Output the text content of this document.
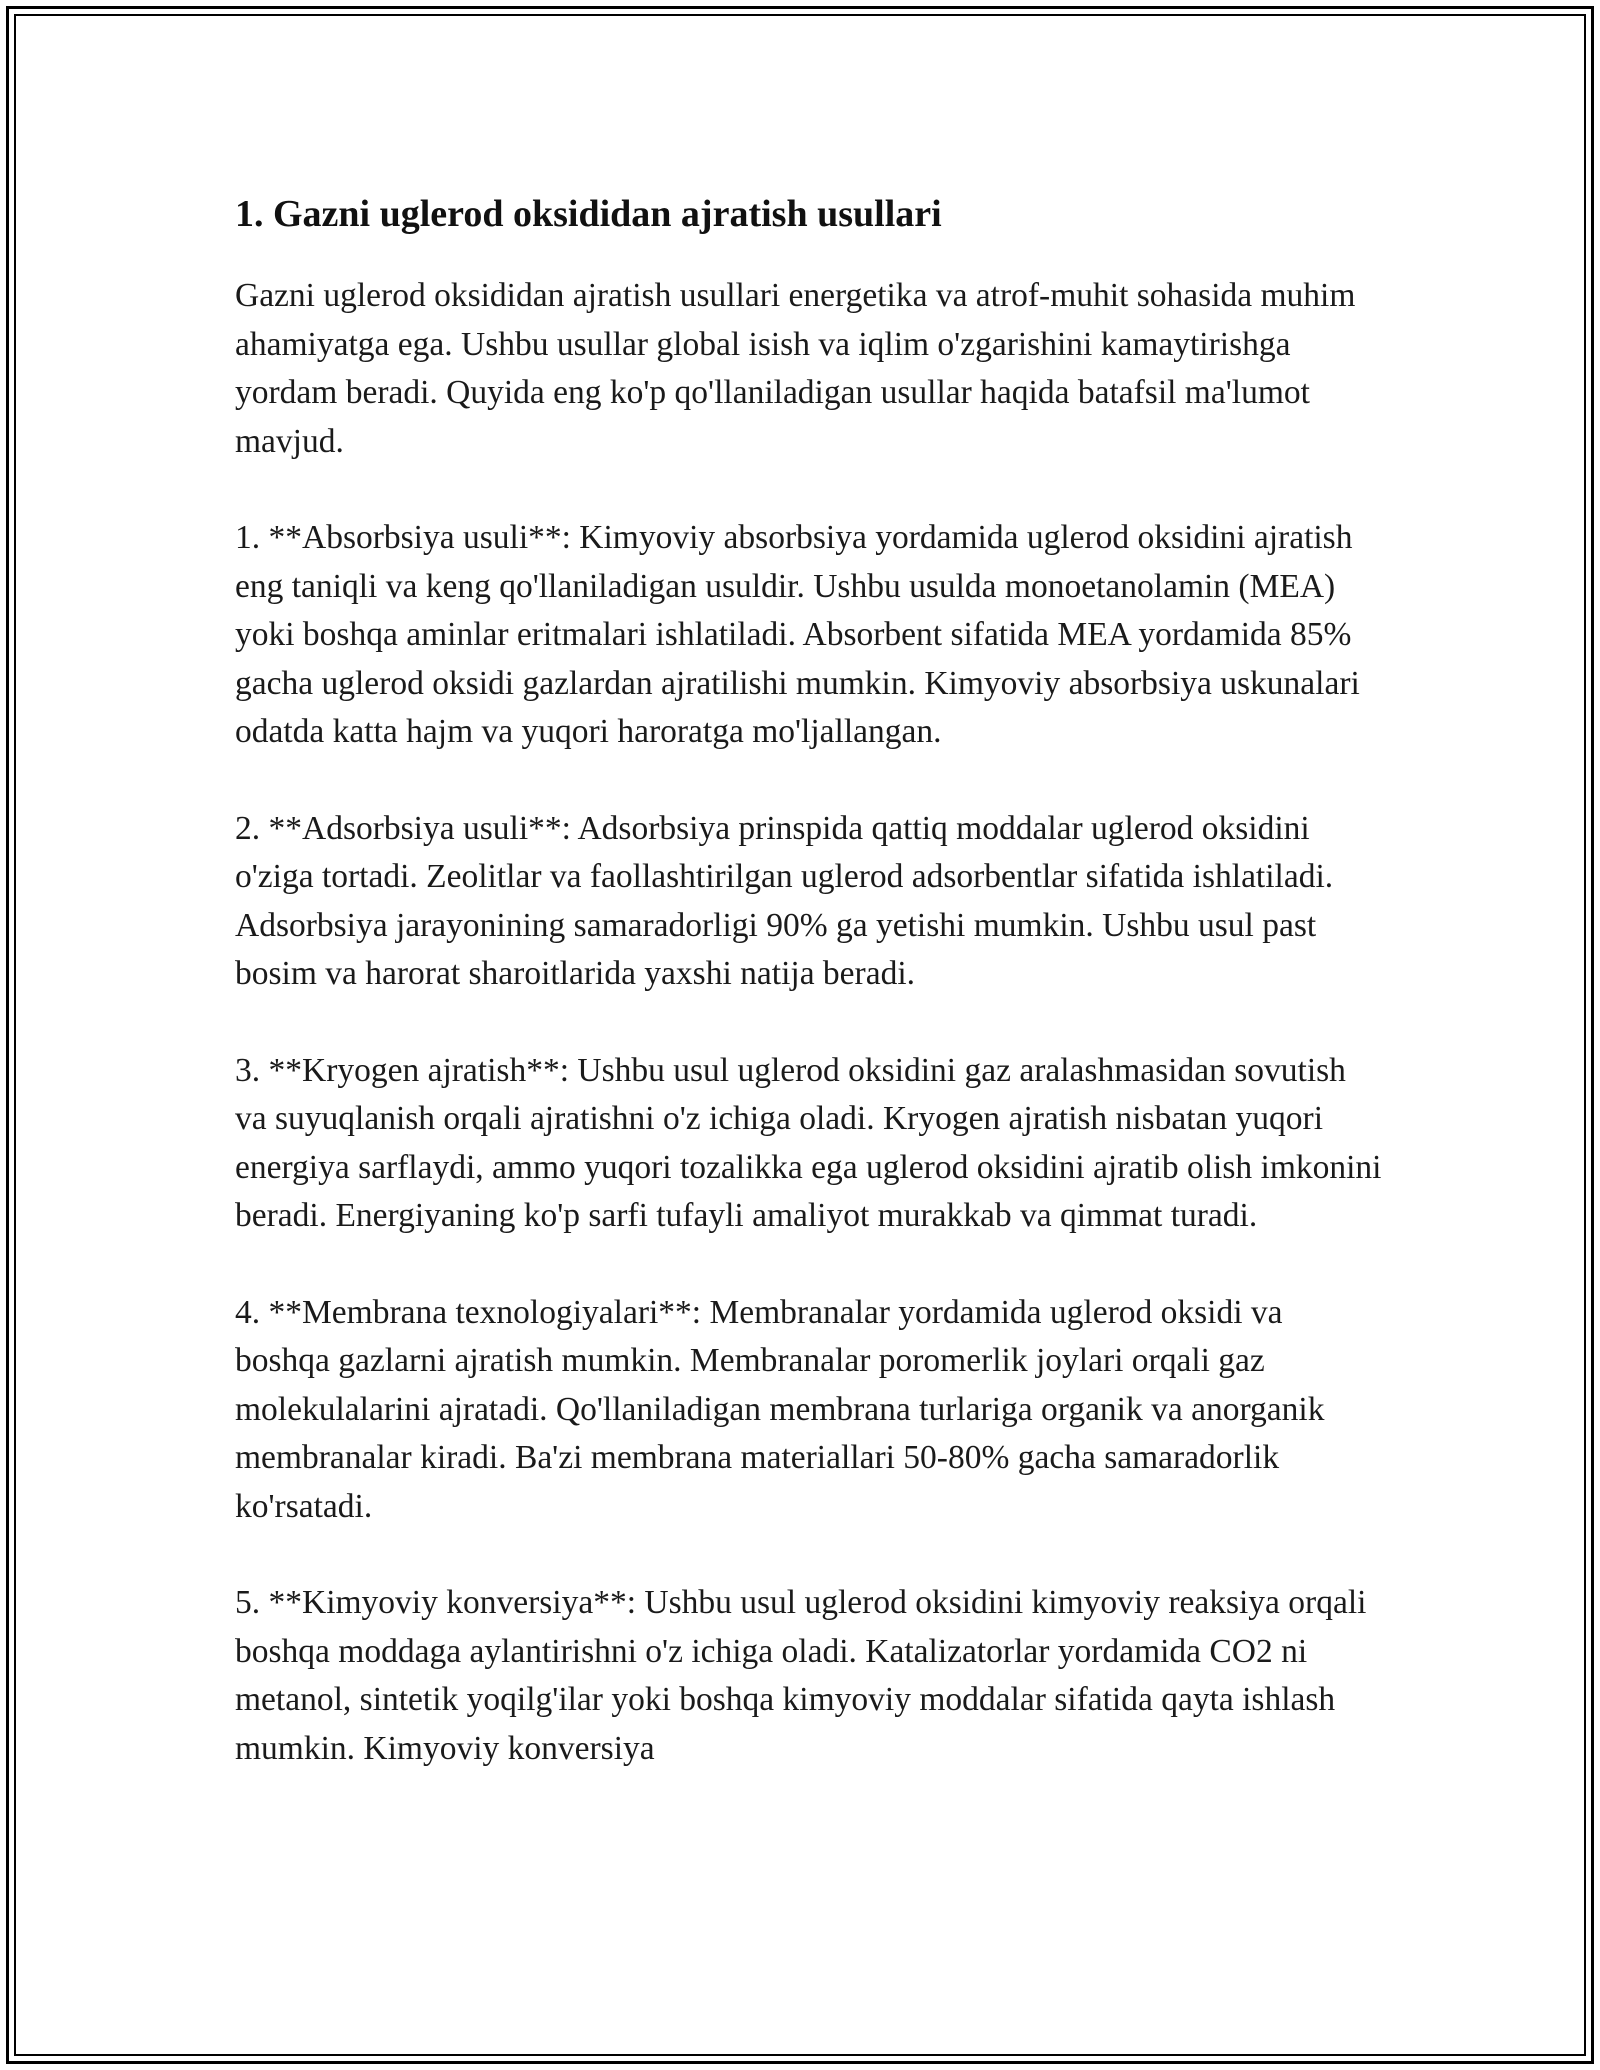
1. Gazni uglerod oksididan ajratish usullari

Gazni uglerod oksididan ajratish usullari energetika va atrof-muhit sohasida muhim ahamiyatga ega. Ushbu usullar global isish va iqlim o'zgarishini kamaytirishga yordam beradi. Quyida eng ko'p qo'llaniladigan usullar haqida batafsil ma'lumot mavjud.

1. **Absorbsiya usuli**: Kimyoviy absorbsiya yordamida uglerod oksidini ajratish eng taniqli va keng qo'llaniladigan usuldir. Ushbu usulda monoetanolamin (MEA) yoki boshqa aminlar eritmalari ishlatiladi. Absorbent sifatida MEA yordamida 85% gacha uglerod oksidi gazlardan ajratilishi mumkin. Kimyoviy absorbsiya uskunalari odatda katta hajm va yuqori haroratga mo'ljallangan.

2. **Adsorbsiya usuli**: Adsorbsiya prinspida qattiq moddalar uglerod oksidini o'ziga tortadi. Zeolitlar va faollashtirilgan uglerod adsorbentlar sifatida ishlatiladi. Adsorbsiya jarayonining samaradorligi 90% ga yetishi mumkin. Ushbu usul past bosim va harorat sharoitlarida yaxshi natija beradi.

3. **Kryogen ajratish**: Ushbu usul uglerod oksidini gaz aralashmasidan sovutish va suyuqlanish orqali ajratishni o'z ichiga oladi. Kryogen ajratish nisbatan yuqori energiya sarflaydi, ammo yuqori tozalikka ega uglerod oksidini ajratib olish imkonini beradi. Energiyaning ko'p sarfi tufayli amaliyot murakkab va qimmat turadi.

4. **Membrana texnologiyalari**: Membranalar yordamida uglerod oksidi va boshqa gazlarni ajratish mumkin. Membranalar poromerlik joylari orqali gaz molekulalarini ajratadi. Qo'llaniladigan membrana turlariga organik va anorganik membranalar kiradi. Ba'zi membrana materiallari 50-80% gacha samaradorlik ko'rsatadi.

5. **Kimyoviy konversiya**: Ushbu usul uglerod oksidini kimyoviy reaksiya orqali boshqa moddaga aylantirishni o'z ichiga oladi. Katalizatorlar yordamida CO2 ni metanol, sintetik yoqilg'ilar yoki boshqa kimyoviy moddalar sifatida qayta ishlash mumkin. Kimyoviy konversiya
